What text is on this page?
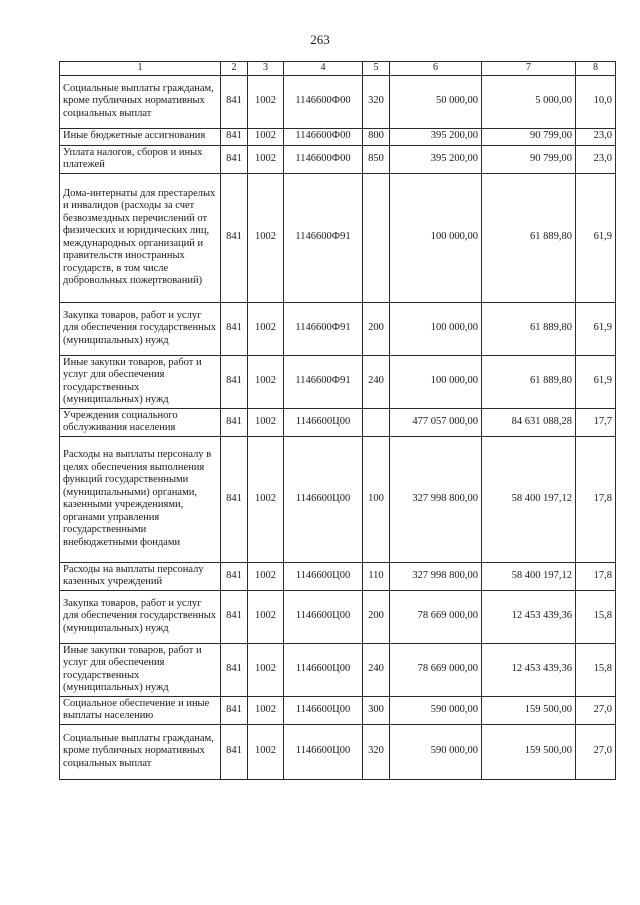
263
1	2	3	4	5	6	7	8
Социальные выплаты гражданам, кроме публичных нормативных социальных выплат	841	1002	1146600Ф00	320	50 000,00	5 000,00	10,0
Иные бюджетные ассигнования	841	1002	1146600Ф00	800	395 200,00	90 799,00	23,0
Уплата налогов, сборов и иных платежей	841	1002	1146600Ф00	850	395 200,00	90 799,00	23,0
Дома-интернаты для престарелых и инвалидов (расходы за счет безвозмездных перечислений от физических и юридических лиц, международных организаций и правительств иностранных государств, в том числе добровольных пожертвований)	841	1002	1146600Ф91		100 000,00	61 889,80	61,9
Закупка товаров, работ и услуг для обеспечения государственных (муниципальных) нужд	841	1002	1146600Ф91	200	100 000,00	61 889,80	61,9
Иные закупки товаров, работ и услуг для обеспечения государственных (муниципальных) нужд	841	1002	1146600Ф91	240	100 000,00	61 889,80	61,9
Учреждения социального обслуживания населения	841	1002	1146600Ц00		477 057 000,00	84 631 088,28	17,7
Расходы на выплаты персоналу в целях обеспечения выполнения функций государственными (муниципальными) органами, казенными учреждениями, органами управления государственными внебюджетными фондами	841	1002	1146600Ц00	100	327 998 800,00	58 400 197,12	17,8
Расходы на выплаты персоналу казенных учреждений	841	1002	1146600Ц00	110	327 998 800,00	58 400 197,12	17,8
Закупка товаров, работ и услуг для обеспечения государственных (муниципальных) нужд	841	1002	1146600Ц00	200	78 669 000,00	12 453 439,36	15,8
Иные закупки товаров, работ и услуг для обеспечения государственных (муниципальных) нужд	841	1002	1146600Ц00	240	78 669 000,00	12 453 439,36	15,8
Социальное обеспечение и иные выплаты населению	841	1002	1146600Ц00	300	590 000,00	159 500,00	27,0
Социальные выплаты гражданам, кроме публичных нормативных социальных выплат	841	1002	1146600Ц00	320	590 000,00	159 500,00	27,0
